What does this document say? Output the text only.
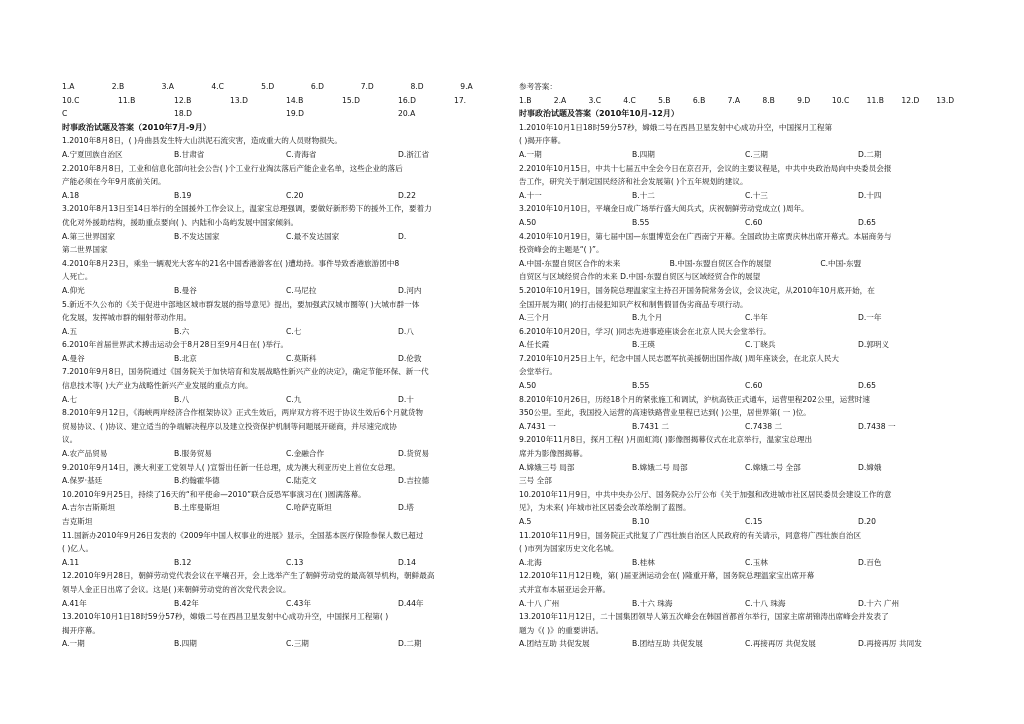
1.A	2.B	3.A	4.C	5.D	6.D	7.D	8.D	9.A
10.C	11.B	12.B	13.D	14.B	15.D	16.D	17.
C	18.D	19.D	20.A
时事政治试题及答案（2010年7月-9月）
1.2010年8月8日，( )舟曲县发生特大山洪泥石流灾害，造成重大的人员财物损失。
A.宁夏回族自治区	B.甘肃省	C.青海省	D.浙江省
2.2010年8月8日，工业和信息化部向社会公告( )个工业行业淘汰落后产能企业名单，这些企业的落后
产能必须在今年9月底前关闭。
A.18	B.19	C.20	D.22
3.2010年8月13日至14日举行的全国援外工作会议上，温家宝总理强调，要做好新形势下的援外工作，要着力
优化对外援助结构，援助重点要向( )、内陆和小岛屿发展中国家倾斜。
A.第三世界国家	B.不发达国家	C.最不发达国家	D.
第二世界国家
4.2010年8月23日，乘坐一辆观光大客车的21名中国香港游客在( )遭劫持。事件导致香港旅游团中8
人死亡。
A.仰光	B.曼谷	C.马尼拉	D.河内
5.新近不久公布的《关于促进中部地区城市群发展的指导意见》提出，要加强武汉城市圈等( )大城市群一体
化发展，发挥城市群的辐射带动作用。
A.五	B.六	C.七	D.八
6.2010年首届世界武术搏击运动会于8月28日至9月4日在( )举行。
A.曼谷	B.北京	C.莫斯科	D.伦敦
7.2010年9月8日，国务院通过《国务院关于加快培育和发展战略性新兴产业的决定》，确定节能环保、新一代
信息技术等( )大产业为战略性新兴产业发展的重点方向。
A.七	B.八	C.九	D.十
8.2010年9月12日，《海峡两岸经济合作框架协议》正式生效后，两岸双方将不迟于协议生效后6个月就货物
贸易协议、( )协议、建立适当的争端解决程序以及建立投资保护机制等问题展开磋商，并尽速完成协
议。
A.农产品贸易	B.服务贸易	C.金融合作	D.货贸易
9.2010年9月14日，澳大利亚工党领导人( )宣誓出任新一任总理，成为澳大利亚历史上首位女总理。
A.保罗·基廷	B.约翰霍华德	C.陆克文	D.吉拉德
10.2010年9月25日，持续了16天的“和平使命—2010”联合反恐军事演习在( )圆满落幕。
A.吉尔吉斯斯坦	B.土库曼斯坦	C.哈萨克斯坦	D.塔
吉克斯坦
11.国新办2010年9月26日发表的《2009年中国人权事业的进展》显示，全国基本医疗保险参保人数已超过
( )亿人。
A.11	B.12	C.13	D.14
12.2010年9月28日，朝鲜劳动党代表会议在平壤召开，会上选举产生了朝鲜劳动党的最高领导机构，朝鲜最高
领导人金正日出席了会议。这是( )来朝鲜劳动党的首次党代表会议。
A.41年	B.42年	C.43年	D.44年
13.2010年10月1日18时59分57秒，嫦娥二号在西昌卫星发射中心成功升空，中国探月工程第( )
揭开序幕。
A.一期	B.四期	C.三期	D.二期
参考答案：
1.B	2.A	3.C	4.C	5.B	6.B	7.A	8.B	9.D	10.C	11.B	12.D	13.D
时事政治试题及答案（2010年10月-12月）
1.2010年10月1日18时59分57秒，嫦娥二号在西昌卫星发射中心成功升空，中国探月工程第
( )揭开序幕。
A.一期	B.四期	C.三期	D.二期
2.2010年10月15日，中共十七届五中全会今日在京召开，会议的主要议程是，中共中央政治局向中央委员会报
告工作，研究关于制定国民经济和社会发展第( )个五年规划的建议。
A.十一	B.十二	C.十三	D.十四
3.2010年10月10日，平壤金日成广场举行盛大阅兵式，庆祝朝鲜劳动党成立( )周年。
A.50	B.55	C.60	D.65
4.2010年10月19日，第七届中国—东盟博览会在广西南宁开幕。全国政协主席贾庆林出席开幕式。本届商务与
投资峰会的主题是“( )”。
A.中国-东盟自贸区合作的未来	B.中国-东盟自贸区合作的展望	C.中国-东盟
自贸区与区域经贸合作的未来 D.中国-东盟自贸区与区域经贸合作的展望
5.2010年10月19日，国务院总理温家宝主持召开国务院常务会议，会议决定，从2010年10月底开始，在
全国开展为期( )的打击侵犯知识产权和制售假冒伪劣商品专项行动。
A.三个月	B.九个月	C.半年	D.一年
6.2010年10月20日，学习( )同志先进事迹座谈会在北京人民大会堂举行。
A.任长霞	B.王瑛	C.丁晓兵	D.郭明义
7.2010年10月25日上午，纪念中国人民志愿军抗美援朝出国作战( )周年座谈会，在北京人民大
会堂举行。
A.50	B.55	C.60	D.65
8.2010年10月26日，历经18个月的紧张施工和调试，沪杭高铁正式通车，运营里程202公里，运营时速
350公里。至此，我国投入运营的高速铁路营业里程已达到( )公里，居世界第( 一 )位。
A.7431 一	B.7431 二	C.7438 二	D.7438 一
9.2010年11月8日，探月工程( )月面虹湾( )影像图揭幕仪式在北京举行，温家宝总理出
席并为影像图揭幕。
A.嫦娥三号 局部	B.嫦娥二号 局部	C.嫦娥二号 全部	D.嫦娥
三号 全部
10.2010年11月9日，中共中央办公厅、国务院办公厅公布《关于加强和改进城市社区居民委员会建设工作的意
见》，为未来( )年城市社区居委会改革绘制了蓝图。
A.5	B.10	C.15	D.20
11.2010年11月9日，国务院正式批复了广西壮族自治区人民政府的有关请示，同意将广西壮族自治区
( )市列为国家历史文化名城。
A.北海	B.桂林	C.玉林	D.百色
12.2010年11月12日晚，第( )届亚洲运动会在( )隆重开幕，国务院总理温家宝出席开幕
式并宣布本届亚运会开幕。
A.十八 广州	B.十六 珠海	C.十八 珠海	D.十六 广州
13.2010年11月12日，二十国集团领导人第五次峰会在韩国首都首尔举行，国家主席胡锦涛出席峰会并发表了
题为《( )》的重要讲话。
A.团结互助 共促发展	B.团结互助 共促发展	C.再接再厉 共促发展	D.再接再厉 共同发
